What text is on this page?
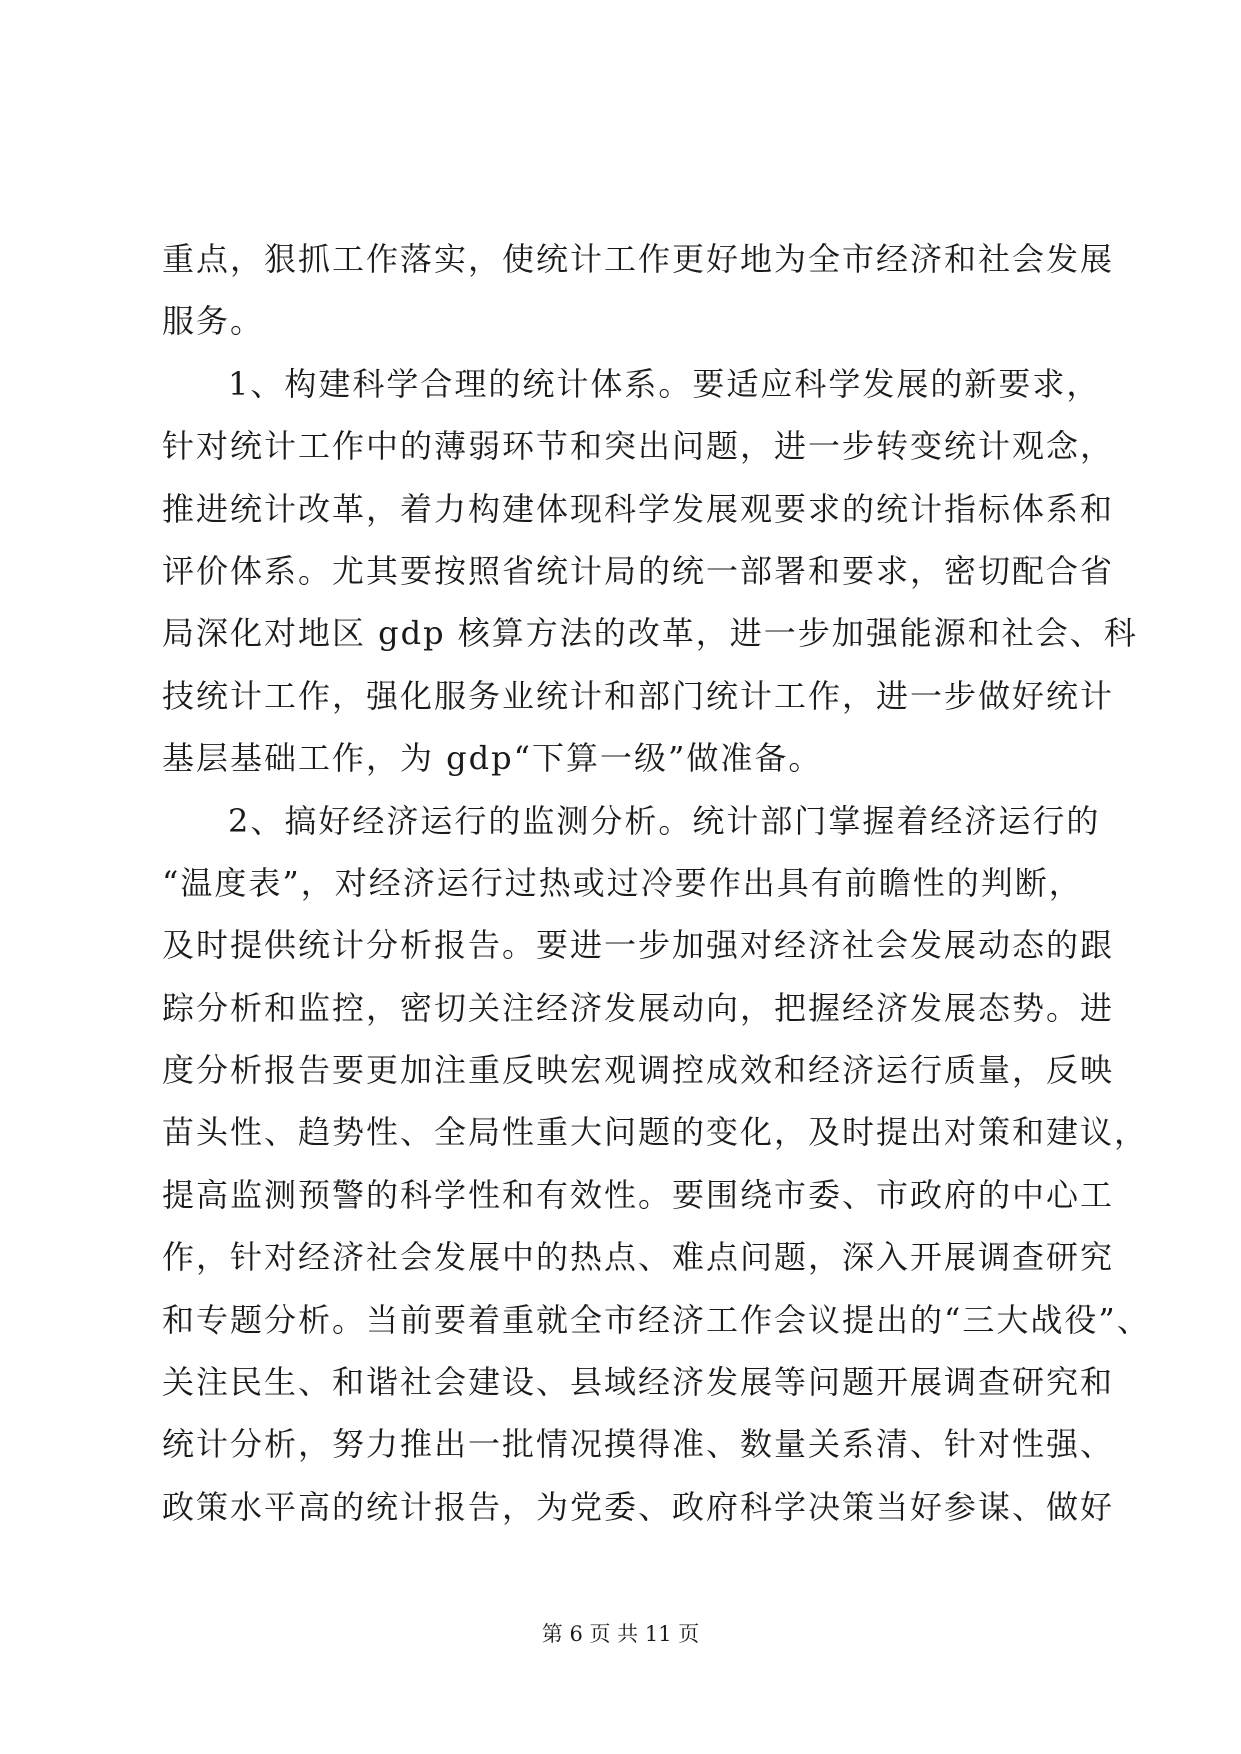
重点，狠抓工作落实，使统计工作更好地为全市经济和社会发展
服务。
1、构建科学合理的统计体系。要适应科学发展的新要求，
针对统计工作中的薄弱环节和突出问题，进一步转变统计观念，
推进统计改革，着力构建体现科学发展观要求的统计指标体系和
评价体系。尤其要按照省统计局的统一部署和要求，密切配合省
局深化对地区 gdp 核算方法的改革，进一步加强能源和社会、科
技统计工作，强化服务业统计和部门统计工作，进一步做好统计
基层基础工作，为 gdp“下算一级”做准备。
2、搞好经济运行的监测分析。统计部门掌握着经济运行的
“温度表”，对经济运行过热或过冷要作出具有前瞻性的判断，
及时提供统计分析报告。要进一步加强对经济社会发展动态的跟
踪分析和监控，密切关注经济发展动向，把握经济发展态势。进
度分析报告要更加注重反映宏观调控成效和经济运行质量，反映
苗头性、趋势性、全局性重大问题的变化，及时提出对策和建议，
提高监测预警的科学性和有效性。要围绕市委、市政府的中心工
作，针对经济社会发展中的热点、难点问题，深入开展调查研究
和专题分析。当前要着重就全市经济工作会议提出的“三大战役”、
关注民生、和谐社会建设、县域经济发展等问题开展调查研究和
统计分析，努力推出一批情况摸得准、数量关系清、针对性强、
政策水平高的统计报告，为党委、政府科学决策当好参谋、做好
第 6 页 共 11 页
